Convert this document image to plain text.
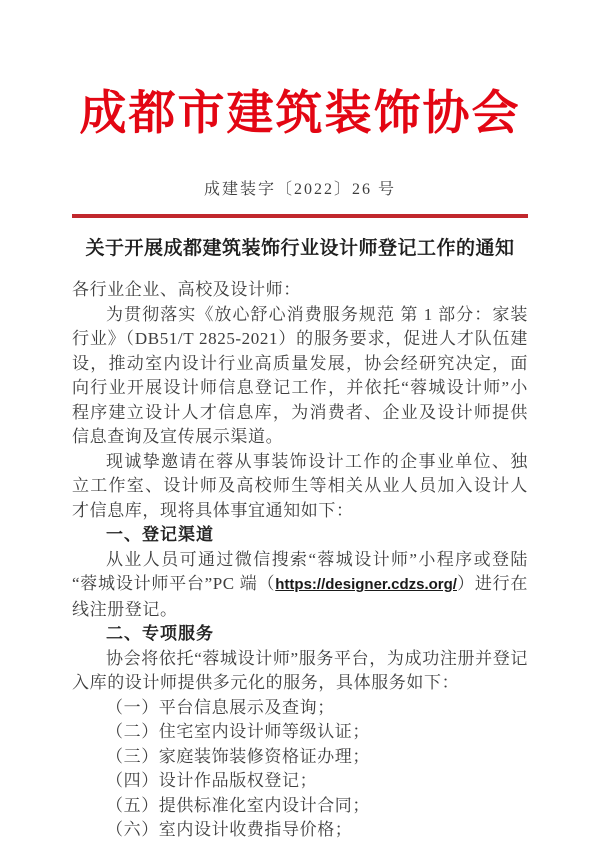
成都市建筑装饰协会
成建装字〔2022〕26 号
关于开展成都建筑装饰行业设计师登记工作的通知

各行业企业、高校及设计师：

为贯彻落实《放心舒心消费服务规范 第 1 部分：家装行业》（DB51/T 2825-2021）的服务要求，促进人才队伍建设，推动室内设计行业高质量发展，协会经研究决定，面向行业开展设计师信息登记工作，并依托“蓉城设计师”小程序建立设计人才信息库，为消费者、企业及设计师提供信息查询及宣传展示渠道。

现诚挚邀请在蓉从事装饰设计工作的企事业单位、独立工作室、设计师及高校师生等相关从业人员加入设计人才信息库，现将具体事宜通知如下：

一、登记渠道

从业人员可通过微信搜索“蓉城设计师”小程序或登陆“蓉城设计师平台”PC 端（https://designer.cdzs.org/）进行在线注册登记。

二、专项服务

协会将依托“蓉城设计师”服务平台，为成功注册并登记入库的设计师提供多元化的服务，具体服务如下：

（一）平台信息展示及查询；

（二）住宅室内设计师等级认证；

（三）家庭装饰装修资格证办理；

（四）设计作品版权登记；

（五）提供标准化室内设计合同；

（六）室内设计收费指导价格；
